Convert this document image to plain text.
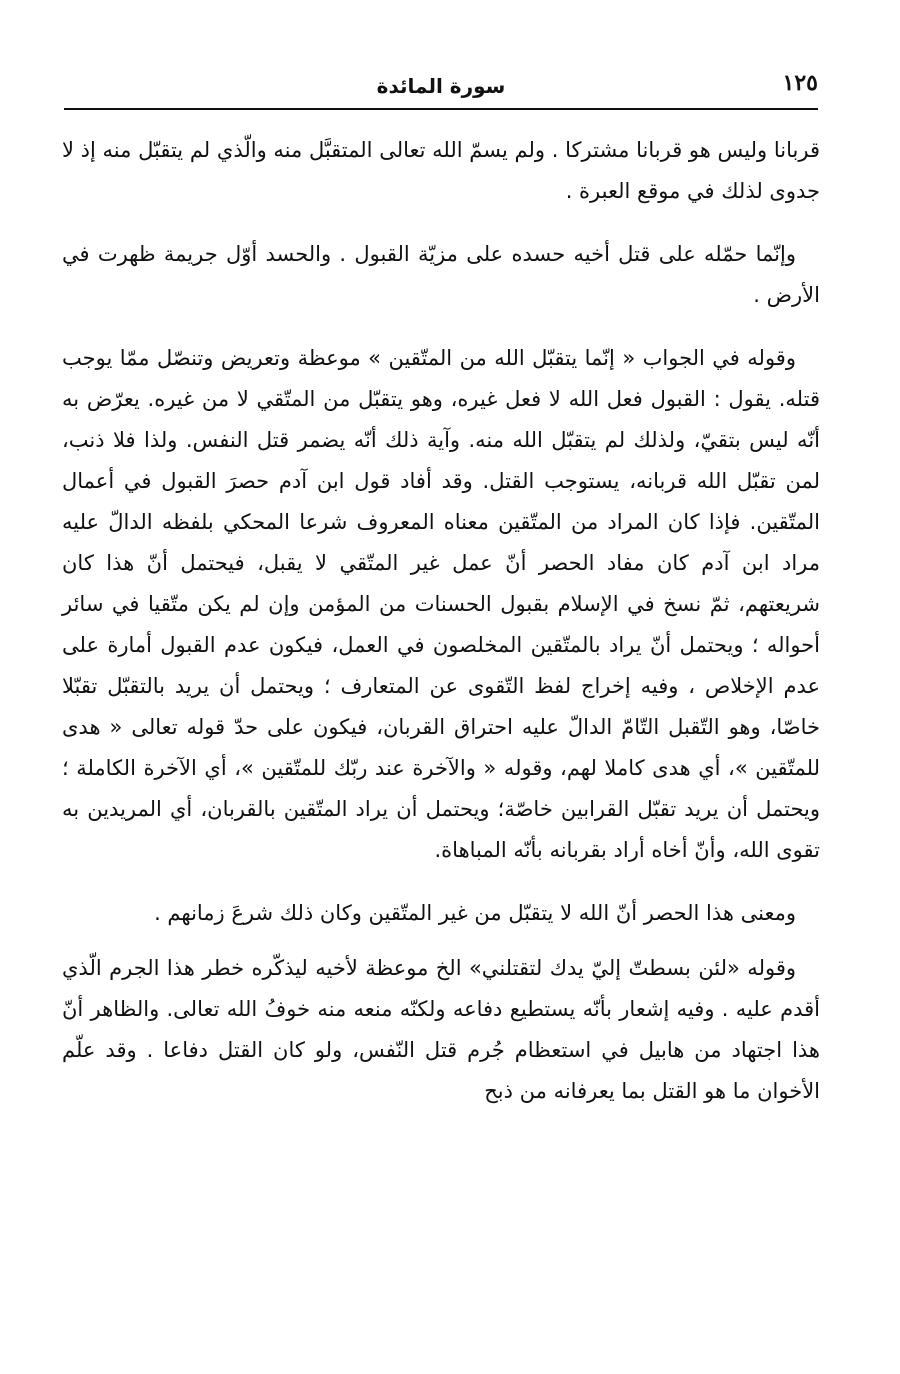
١٢٥
سورة المائدة

قربانا وليس هو قربانا مشتركا . ولم يسمّ الله تعالى المتقبَّل منه والّذي لم يتقبّل منه إذ لا جدوى لذلك في موقع العبرة .

وإنّما حمّله على قتل أخيه حسده على مزيّة القبول . والحسد أوّل جريمة ظهرت في الأرض .

وقوله في الجواب « إنّما يتقبّل الله من المتّقين » موعظة وتعريض وتنصّل ممّا يوجب قتله. يقول : القبول فعل الله لا فعل غيره، وهو يتقبّل من المتّقي لا من غيره. يعرّض به أنّه ليس بتقيّ، ولذلك لم يتقبّل الله منه. وآية ذلك أنّه يضمر قتل النفس. ولذا فلا ذنب، لمن تقبّل الله قربانه، يستوجب القتل. وقد أفاد قول ابن آدم حصرَ القبول في أعمال المتّقين. فإذا كان المراد من المتّقين معناه المعروف شرعا المحكي بلفظه الدالّ عليه مراد ابن آدم كان مفاد الحصر أنّ عمل غير المتّقي لا يقبل، فيحتمل أنّ هذا كان شريعتهم، ثمّ نسخ في الإسلام بقبول الحسنات من المؤمن وإن لم يكن متّقيا في سائر أحواله ؛ ويحتمل أنّ يراد بالمتّقين المخلصون في العمل، فيكون عدم القبول أمارة على عدم الإخلاص ، وفيه إخراج لفظ التّقوى عن المتعارف ؛ ويحتمل أن يريد بالتقبّل تقبّلا خاصّا، وهو التّقبل التّامّ الدالّ عليه احتراق القربان، فيكون على حدّ قوله تعالى « هدى للمتّقين »، أي هدى كاملا لهم، وقوله « والآخرة عند ربّك للمتّقين »، أي الآخرة الكاملة ؛ ويحتمل أن يريد تقبّل القرابين خاصّة؛ ويحتمل أن يراد المتّقين بالقربان، أي المريدين به تقوى الله، وأنّ أخاه أراد بقربانه بأنّه المباهاة.

ومعنى هذا الحصر أنّ الله لا يتقبّل من غير المتّقين وكان ذلك شرعَ زمانهم .

وقوله «لئن بسطتّ إليّ يدك لتقتلني» الخ موعظة لأخيه ليذكّره خطر هذا الجرم الّذي أقدم عليه . وفيه إشعار بأنّه يستطيع دفاعه ولكنّه منعه منه خوفُ الله تعالى. والظاهر أنّ هذا اجتهاد من هابيل في استعظام جُرم قتل النّفس، ولو كان القتل دفاعا . وقد علّم الأخوان ما هو القتل بما يعرفانه من ذبح
